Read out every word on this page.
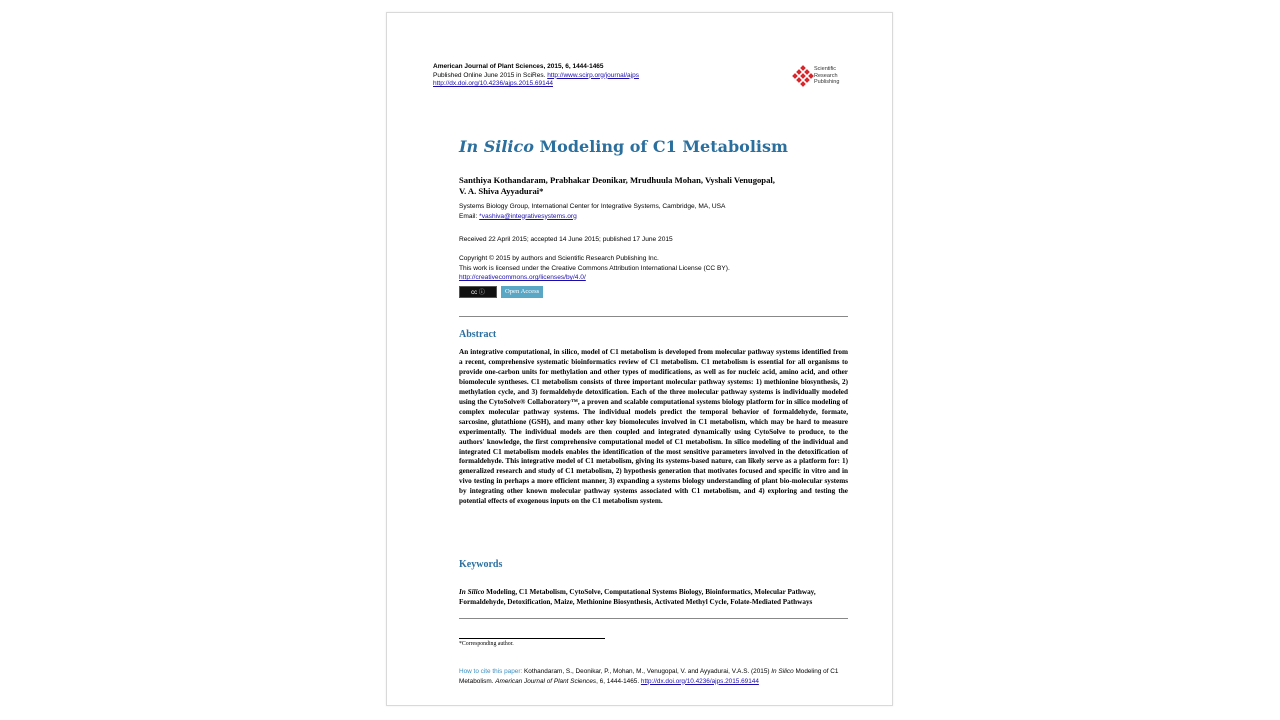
American Journal of Plant Sciences, 2015, 6, 1444-1465
Published Online June 2015 in SciRes. http://www.scirp.org/journal/ajps
http://dx.doi.org/10.4236/ajps.2015.69144
Scientific
Research
Publishing
In Silico Modeling of C1 Metabolism
Santhiya Kothandaram, Prabhakar Deonikar, Mrudhuula Mohan, Vyshali Venugopal,
V. A. Shiva Ayyadurai*
Systems Biology Group, International Center for Integrative Systems, Cambridge, MA, USA
Email: *vashiva@integrativesystems.org
Received 22 April 2015; accepted 14 June 2015; published 17 June 2015
Copyright © 2015 by authors and Scientific Research Publishing Inc.
This work is licensed under the Creative Commons Attribution International License (CC BY).
http://creativecommons.org/licenses/by/4.0/
cc ⓘ	Open Access
Abstract
An integrative computational, in silico, model of C1 metabolism is developed from molecular pathway systems identified from a recent, comprehensive systematic bioinformatics review of C1 metabolism. C1 metabolism is essential for all organisms to provide one-carbon units for methylation and other types of modifications, as well as for nucleic acid, amino acid, and other biomolecule syntheses. C1 metabolism consists of three important molecular pathway systems: 1) methionine biosynthesis, 2) methylation cycle, and 3) formaldehyde detoxification. Each of the three molecular pathway systems is individually modeled using the CytoSolve® Collaboratory™, a proven and scalable computational systems biology platform for in silico modeling of complex molecular pathway systems. The individual models predict the temporal behavior of formaldehyde, formate, sarcosine, glutathione (GSH), and many other key biomolecules involved in C1 metabolism, which may be hard to measure experimentally. The individual models are then coupled and integrated dynamically using CytoSolve to produce, to the authors' knowledge, the first comprehensive computational model of C1 metabolism. In silico modeling of the individual and integrated C1 metabolism models enables the identification of the most sensitive parameters involved in the detoxification of formaldehyde. This integrative model of C1 metabolism, giving its systems-based nature, can likely serve as a platform for: 1) generalized research and study of C1 metabolism, 2) hypothesis generation that motivates focused and specific in vitro and in vivo testing in perhaps a more efficient manner, 3) expanding a systems biology understanding of plant bio-molecular systems by integrating other known molecular pathway systems associated with C1 metabolism, and 4) exploring and testing the potential effects of exogenous inputs on the C1 metabolism system.
Keywords
In Silico Modeling, C1 Metabolism, CytoSolve, Computational Systems Biology, Bioinformatics, Molecular Pathway, Formaldehyde, Detoxification, Maize, Methionine Biosynthesis, Activated Methyl Cycle, Folate-Mediated Pathways
*Corresponding author.
How to cite this paper: Kothandaram, S., Deonikar, P., Mohan, M., Venugopal, V. and Ayyadurai, V.A.S. (2015) In Silico Modeling of C1 Metabolism. American Journal of Plant Sciences, 6, 1444-1465. http://dx.doi.org/10.4236/ajps.2015.69144
